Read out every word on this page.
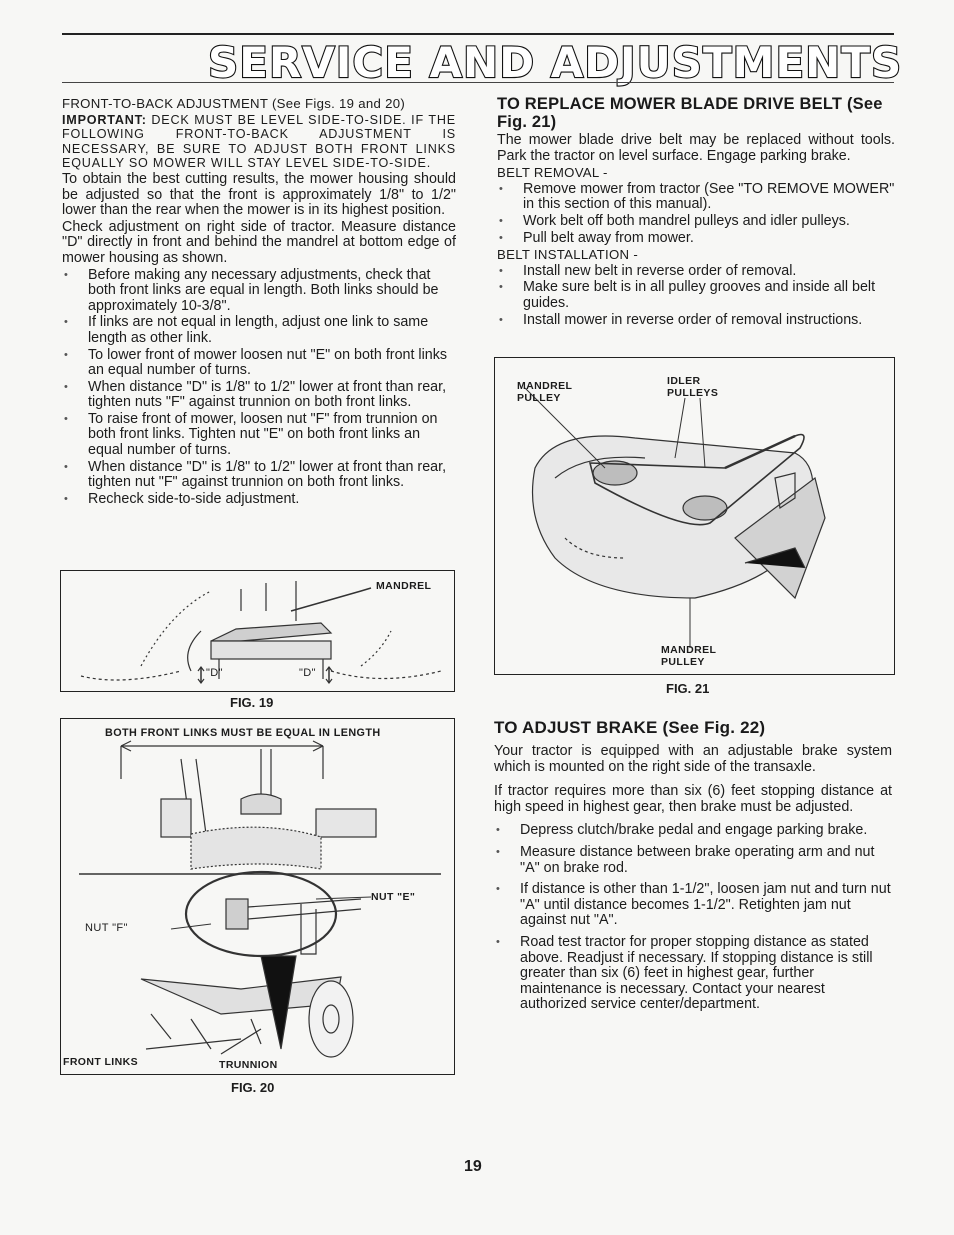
SERVICE AND ADJUSTMENTS

FRONT-TO-BACK ADJUSTMENT (See Figs. 19 and 20)

IMPORTANT: DECK MUST BE LEVEL SIDE-TO-SIDE. IF THE FOLLOWING FRONT-TO-BACK ADJUSTMENT IS NECESSARY, BE SURE TO ADJUST BOTH FRONT LINKS EQUALLY SO MOWER WILL STAY LEVEL SIDE-TO-SIDE.

To obtain the best cutting results, the mower housing should be adjusted so that the front is approximately 1/8" to 1/2" lower than the rear when the mower is in its highest position.

Check adjustment on right side of tractor. Measure distance "D" directly in front and behind the mandrel at bottom edge of mower housing as shown.

• Before making any necessary adjustments, check that both front links are equal in length. Both links should be approximately 10-3/8".
• If links are not equal in length, adjust one link to same length as other link.
• To lower front of mower loosen nut "E" on both front links an equal number of turns.
• When distance "D" is 1/8" to 1/2" lower at front than rear, tighten nuts "F" against trunnion on both front links.
• To raise front of mower, loosen nut "F" from trunnion on both front links. Tighten nut "E" on both front links an equal number of turns.
• When distance "D" is 1/8" to 1/2" lower at front than rear, tighten nut "F" against trunnion on both front links.
• Recheck side-to-side adjustment.
MANDREL
"D"	"D"
FIG. 19
BOTH FRONT LINKS MUST BE EQUAL IN LENGTH
NUT "E"
NUT "F"
FRONT LINKS	TRUNNION
FIG. 20
TO REPLACE MOWER BLADE DRIVE BELT (See Fig. 21)

The mower blade drive belt may be replaced without tools. Park the tractor on level surface. Engage parking brake.

BELT REMOVAL -

• Remove mower from tractor (See "TO REMOVE MOWER" in this section of this manual).
• Work belt off both mandrel pulleys and idler pulleys.
• Pull belt away from mower.

BELT INSTALLATION -

• Install new belt in reverse order of removal.
• Make sure belt is in all pulley grooves and inside all belt guides.
• Install mower in reverse order of removal instructions.
MANDREL PULLEY
IDLER PULLEYS
MANDREL PULLEY
FIG. 21
TO ADJUST BRAKE (See Fig. 22)

Your tractor is equipped with an adjustable brake system which is mounted on the right side of the transaxle.

If tractor requires more than six (6) feet stopping distance at high speed in highest gear, then brake must be adjusted.

• Depress clutch/brake pedal and engage parking brake.
• Measure distance between brake operating arm and nut "A" on brake rod.
• If distance is other than 1-1/2", loosen jam nut and turn nut "A" until distance becomes 1-1/2". Retighten jam nut against nut "A".
• Road test tractor for proper stopping distance as stated above. Readjust if necessary. If stopping distance is still greater than six (6) feet in highest gear, further maintenance is necessary. Contact your nearest authorized service center/department.
19
